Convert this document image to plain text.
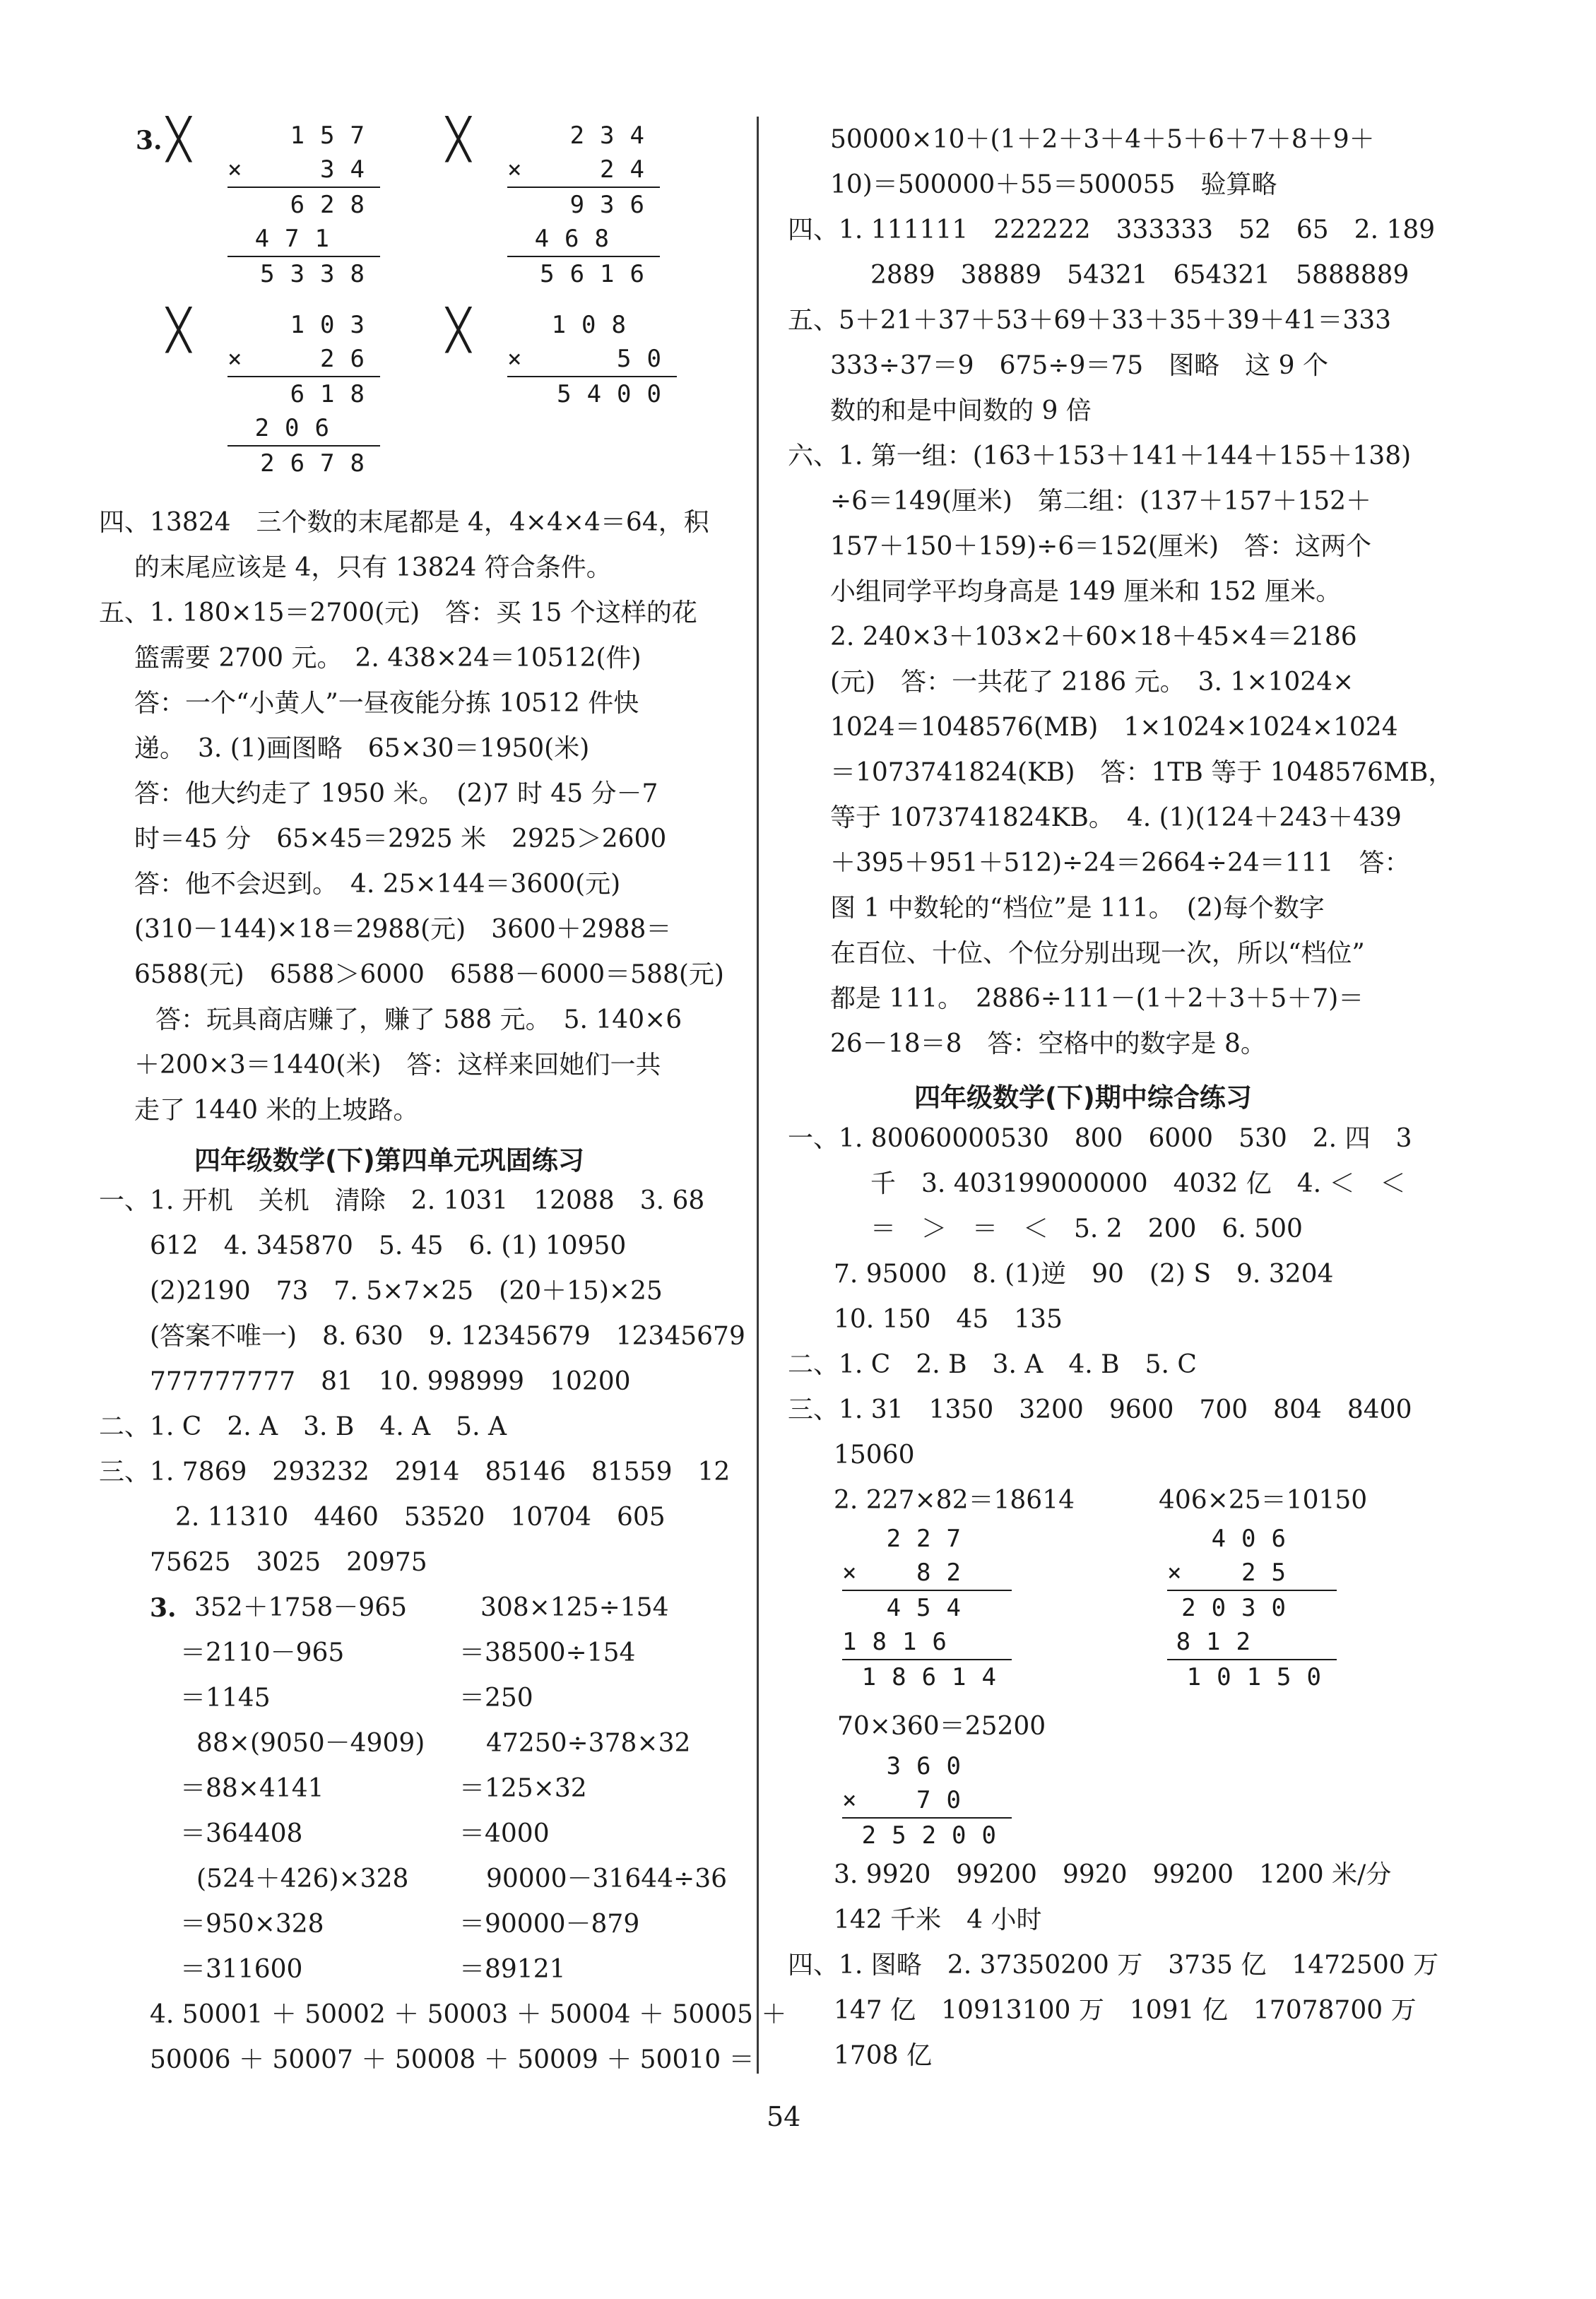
3. ╳	╳
╳	╳
157
×	34
628
471
5338
234
×	24
936
468
5616
103
×	26
618
206
2678
108
×	50
5400
四、13824　三个数的末尾都是 4，4×4×4＝64，积
的末尾应该是 4，只有 13824 符合条件。
五、1. 180×15＝2700(元)　答：买 15 个这样的花
篮需要 2700 元。　2. 438×24＝10512(件)
答：一个“小黄人”一昼夜能分拣 10512 件快
递。　3. (1)画图略　65×30＝1950(米)
答：他大约走了 1950 米。　(2)7 时 45 分－7
时＝45 分　65×45＝2925 米　2925＞2600
答：他不会迟到。　4. 25×144＝3600(元)
(310－144)×18＝2988(元)　3600＋2988＝
6588(元)　6588＞6000　6588－6000＝588(元)
答：玩具商店赚了，赚了 588 元。　5. 140×6
＋200×3＝1440(米)　答：这样来回她们一共
走了 1440 米的上坡路。
四年级数学(下)第四单元巩固练习
一、1. 开机　关机　清除　2. 1031　12088　3. 68
612　4. 345870　5. 45　6. (1) 10950
(2)2190　73　7. 5×7×25　(20＋15)×25
(答案不唯一)　8. 630　9. 12345679　12345679
777777777　81　10. 998999　10200
二、1. C　2. A　3. B　4. A　5. A
三、1. 7869　293232　2914　85146　81559　12
2. 11310　4460　53520　10704　605
75625　3025　20975
3. 352＋1758－965
＝2110－965
＝1145
88×(9050－4909)
＝88×4141
＝364408
(524＋426)×328
＝950×328
＝311600
308×125÷154
＝38500÷154
＝250
47250÷378×32
＝125×32
＝4000
90000－31644÷36
＝90000－879
＝89121
4. 50001 ＋ 50002 ＋ 50003 ＋ 50004 ＋ 50005 ＋
50006 ＋ 50007 ＋ 50008 ＋ 50009 ＋ 50010 ＝
50000×10＋(1＋2＋3＋4＋5＋6＋7＋8＋9＋
10)＝500000＋55＝500055　验算略
四、1. 111111　222222　333333　52　65　2. 189
2889　38889　54321　654321　5888889
五、5＋21＋37＋53＋69＋33＋35＋39＋41＝333
333÷37＝9　675÷9＝75　图略　这 9 个
数的和是中间数的 9 倍
六、1. 第一组：(163＋153＋141＋144＋155＋138)
÷6＝149(厘米)　第二组：(137＋157＋152＋
157＋150＋159)÷6＝152(厘米)　答：这两个
小组同学平均身高是 149 厘米和 152 厘米。
2. 240×3＋103×2＋60×18＋45×4＝2186
(元)　答：一共花了 2186 元。　3. 1×1024×
1024＝1048576(MB)　1×1024×1024×1024
＝1073741824(KB)　答：1TB 等于 1048576MB，
等于 1073741824KB。　4. (1)(124＋243＋439
＋395＋951＋512)÷24＝2664÷24＝111　答：
图 1 中数轮的“档位”是 111。　(2)每个数字
在百位、十位、个位分别出现一次，所以“档位”
都是 111。　2886÷111－(1＋2＋3＋5＋7)＝
26－18＝8　答：空格中的数字是 8。
四年级数学(下)期中综合练习
一、1. 80060000530　800　6000　530　2. 四　3
千　3. 403199000000　4032 亿　4. ＜　＜
＝　＞　＝　＜　5. 2　200　6. 500
7. 95000　8. (1)逆　90　(2) S　9. 3204
10. 150　45　135
二、1. C　2. B　3. A　4. B　5. C
三、1. 31　1350　3200　9600　700　804　8400
15060
2. 227×82＝18614	406×25＝10150
227
× 82
454
1816
18614
406
× 25
2030
812
10150
70×360＝25200
360
× 70
25200
3. 9920　99200　9920　99200　1200 米/分
142 千米　4 小时
四、1. 图略　2. 37350200 万　3735 亿　1472500 万
147 亿　10913100 万　1091 亿　17078700 万
1708 亿
54
